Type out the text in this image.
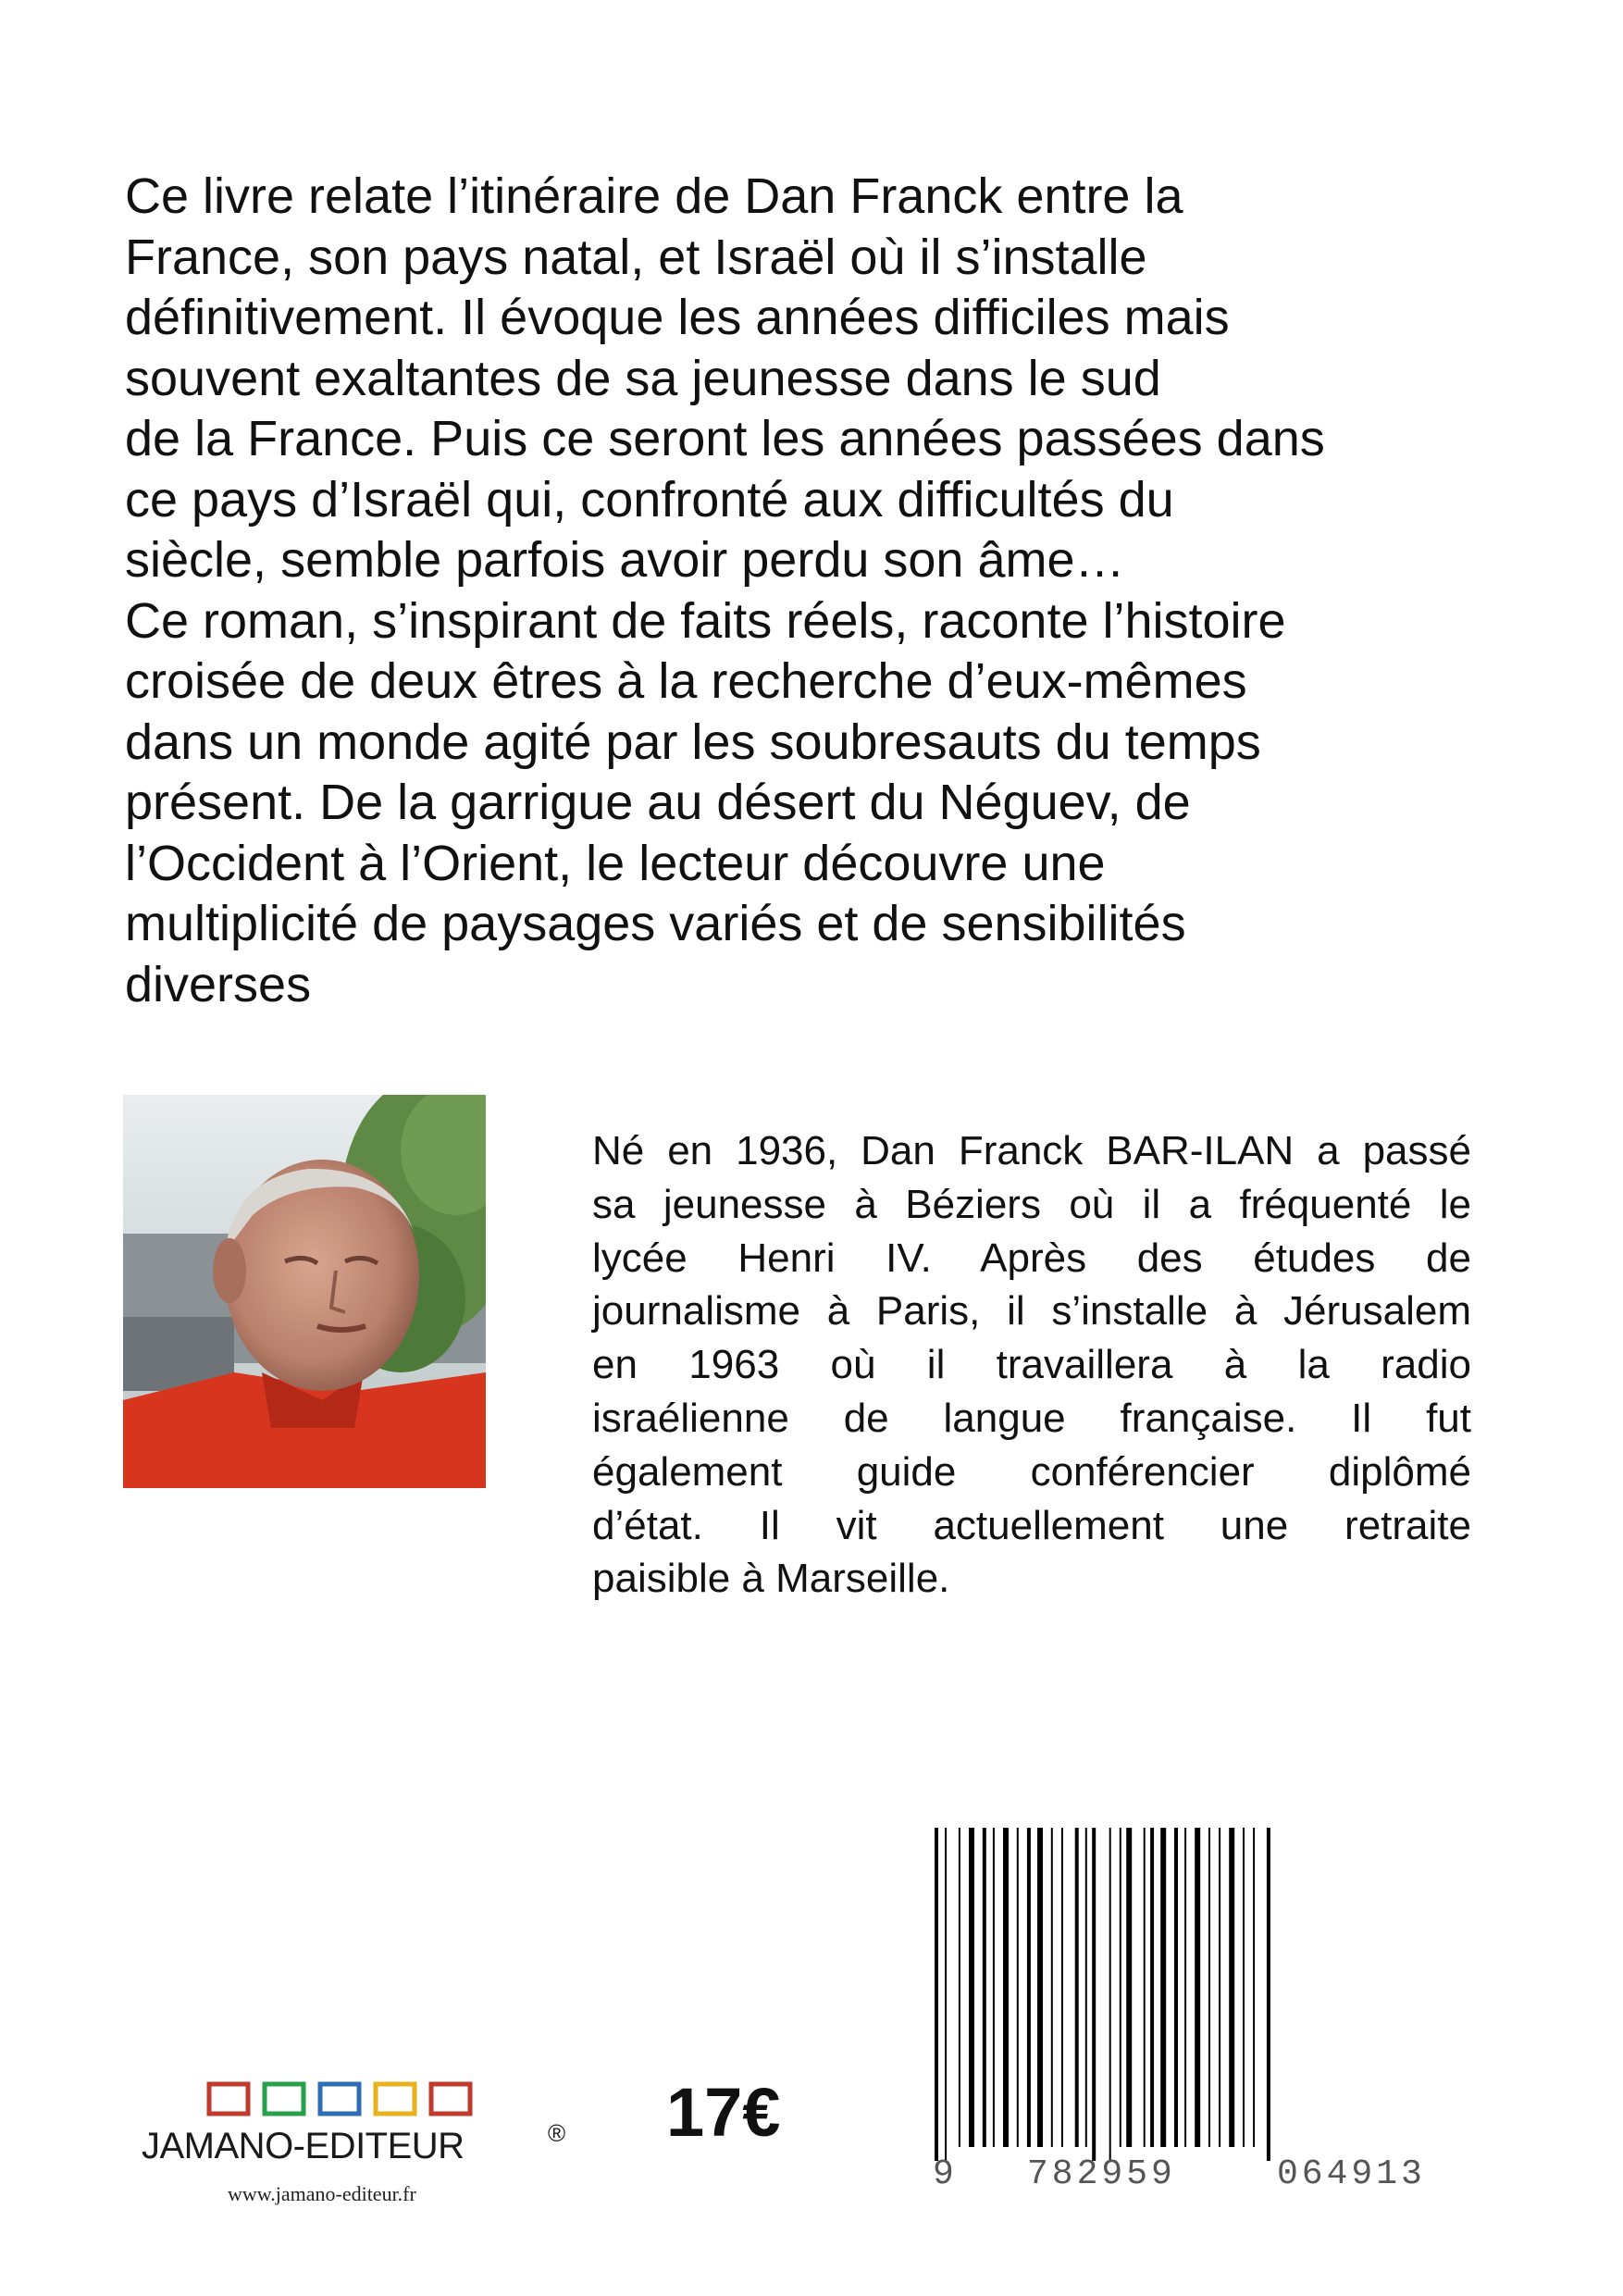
Ce livre relate l’itinéraire de Dan Franck entre la
France, son pays natal, et Israël où il s’installe
définitivement. Il évoque les années difficiles mais
souvent exaltantes de sa jeunesse dans le sud
de la France. Puis ce seront les années passées dans
ce pays d’Israël qui, confronté aux difficultés du
siècle, semble parfois avoir perdu son âme…
Ce roman, s’inspirant de faits réels, raconte l’histoire
croisée de deux êtres à la recherche d’eux-mêmes
dans un monde agité par les soubresauts du temps
présent. De la garrigue au désert du Néguev, de
l’Occident à l’Orient, le lecteur découvre une
multiplicité de paysages variés et de sensibilités
diverses
Né en 1936, Dan Franck BAR-ILAN a passé
sa jeunesse à Béziers où il a fréquenté le
lycée Henri IV. Après des études de
journalisme à Paris, il s’installe à Jérusalem
en 1963 où il travaillera à la radio
israélienne de langue française. Il fut
également guide conférencier diplômé
d’état. Il vit actuellement une retraite
paisible à Marseille.
JAMANO-EDITEUR	®
www.jamano-editeur.fr
17€
9 782959	064913
